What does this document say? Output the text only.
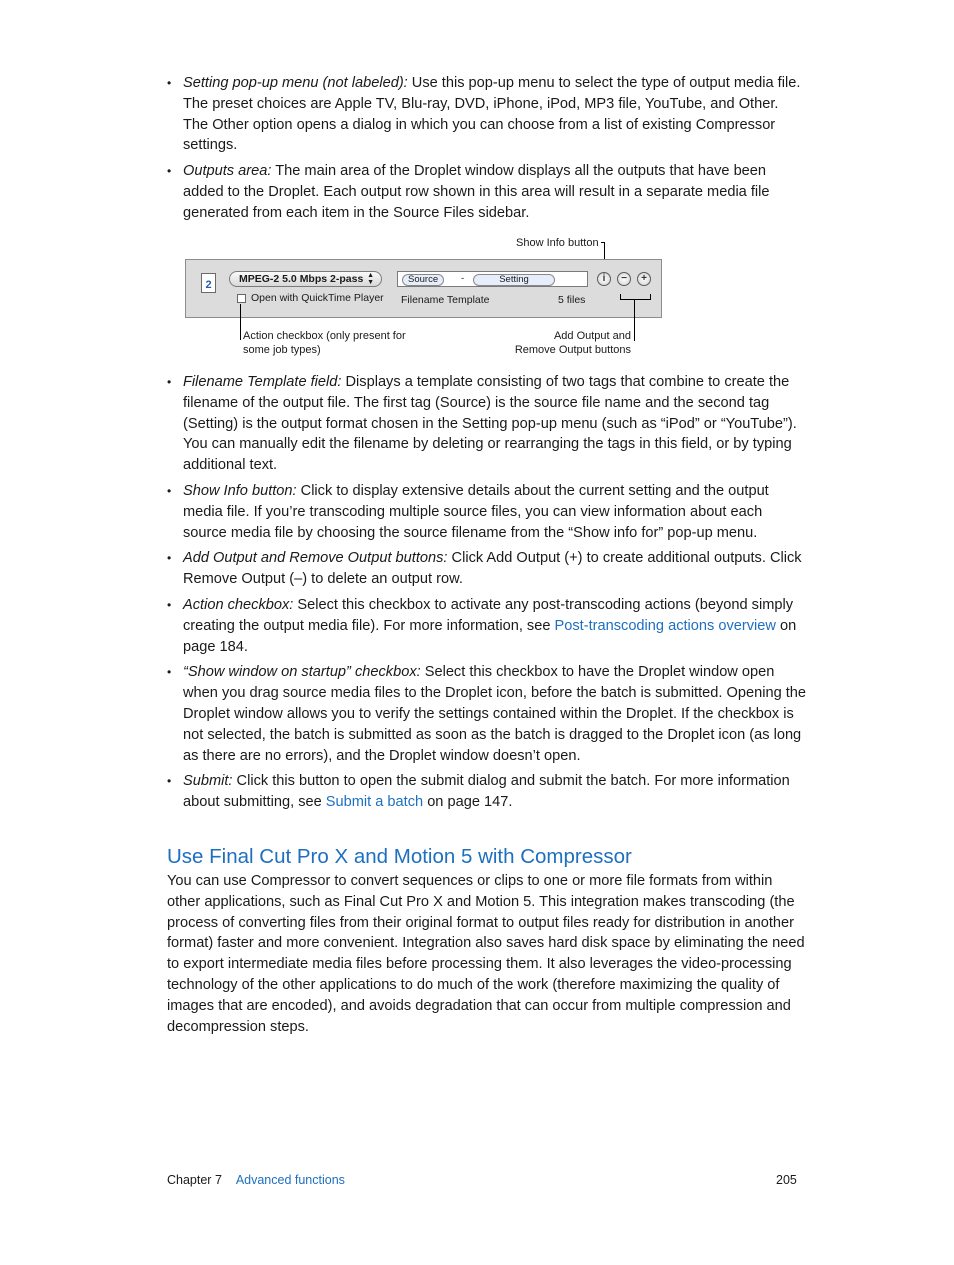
• Setting pop-up menu (not labeled): Use this pop-up menu to select the type of output media file. The preset choices are Apple TV, Blu-ray, DVD, iPhone, iPod, MP3 file, YouTube, and Other. The Other option opens a dialog in which you can choose from a list of existing Compressor settings.
• Outputs area: The main area of the Droplet window displays all the outputs that have been added to the Droplet. Each output row shown in this area will result in a separate media file generated from each item in the Source Files sidebar.
Show Info button
2	MPEG-2 5.0 Mbps 2-pass ▲
▼
Open with QuickTime Player
Source	-	Setting
Filename Template	5 files
i	−	+
Action checkbox (only present for some job types)
Add Output and Remove Output buttons
• Filename Template field: Displays a template consisting of two tags that combine to create the filename of the output file. The first tag (Source) is the source file name and the second tag (Setting) is the output format chosen in the Setting pop-up menu (such as “iPod” or “YouTube”). You can manually edit the filename by deleting or rearranging the tags in this field, or by typing additional text.
• Show Info button: Click to display extensive details about the current setting and the output media file. If you’re transcoding multiple source files, you can view information about each source media file by choosing the source filename from the “Show info for” pop-up menu.
• Add Output and Remove Output buttons: Click Add Output (+) to create additional outputs. Click Remove Output (–) to delete an output row.
• Action checkbox: Select this checkbox to activate any post-transcoding actions (beyond simply creating the output media file). For more information, see Post-transcoding actions overview on page 184.
• “Show window on startup” checkbox: Select this checkbox to have the Droplet window open when you drag source media files to the Droplet icon, before the batch is submitted. Opening the Droplet window allows you to verify the settings contained within the Droplet. If the checkbox is not selected, the batch is submitted as soon as the batch is dragged to the Droplet icon (as long as there are no errors), and the Droplet window doesn’t open.
• Submit: Click this button to open the submit dialog and submit the batch. For more information about submitting, see Submit a batch on page 147.
Use Final Cut Pro X and Motion 5 with Compressor

You can use Compressor to convert sequences or clips to one or more file formats from within other applications, such as Final Cut Pro X and Motion 5. This integration makes transcoding (the process of converting files from their original format to output files ready for distribution in another format) faster and more convenient. Integration also saves hard disk space by eliminating the need to export intermediate media files before processing them. It also leverages the video-processing technology of the other applications to do much of the work (therefore maximizing the quality of images that are encoded), and avoids degradation that can occur from multiple compression and decompression steps.

Chapter 7 Advanced functions	205
